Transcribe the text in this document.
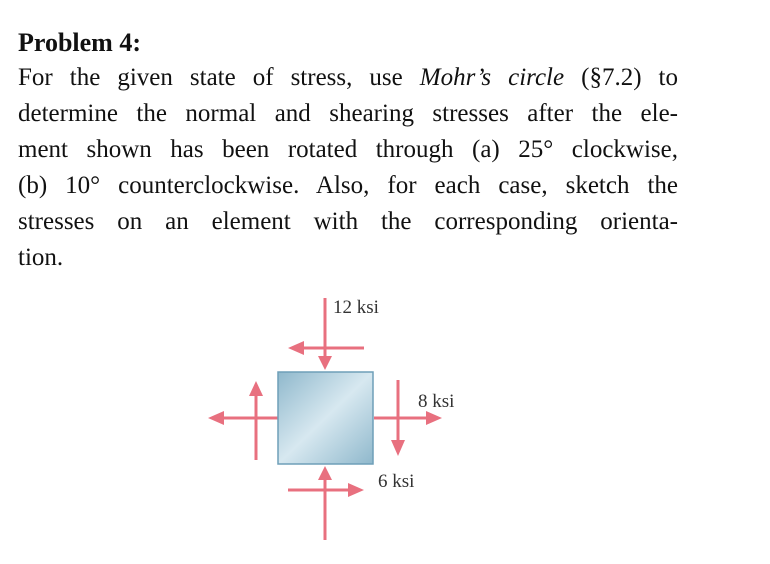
Problem 4:
For the given state of stress, use Mohr’s circle (§7.2) to
determine the normal and shearing stresses after the ele-
ment shown has been rotated through (a) 25° clockwise,
(b) 10° counterclockwise. Also, for each case, sketch the
stresses on an element with the corresponding orienta-
tion.
12 ksi
8 ksi
6 ksi
